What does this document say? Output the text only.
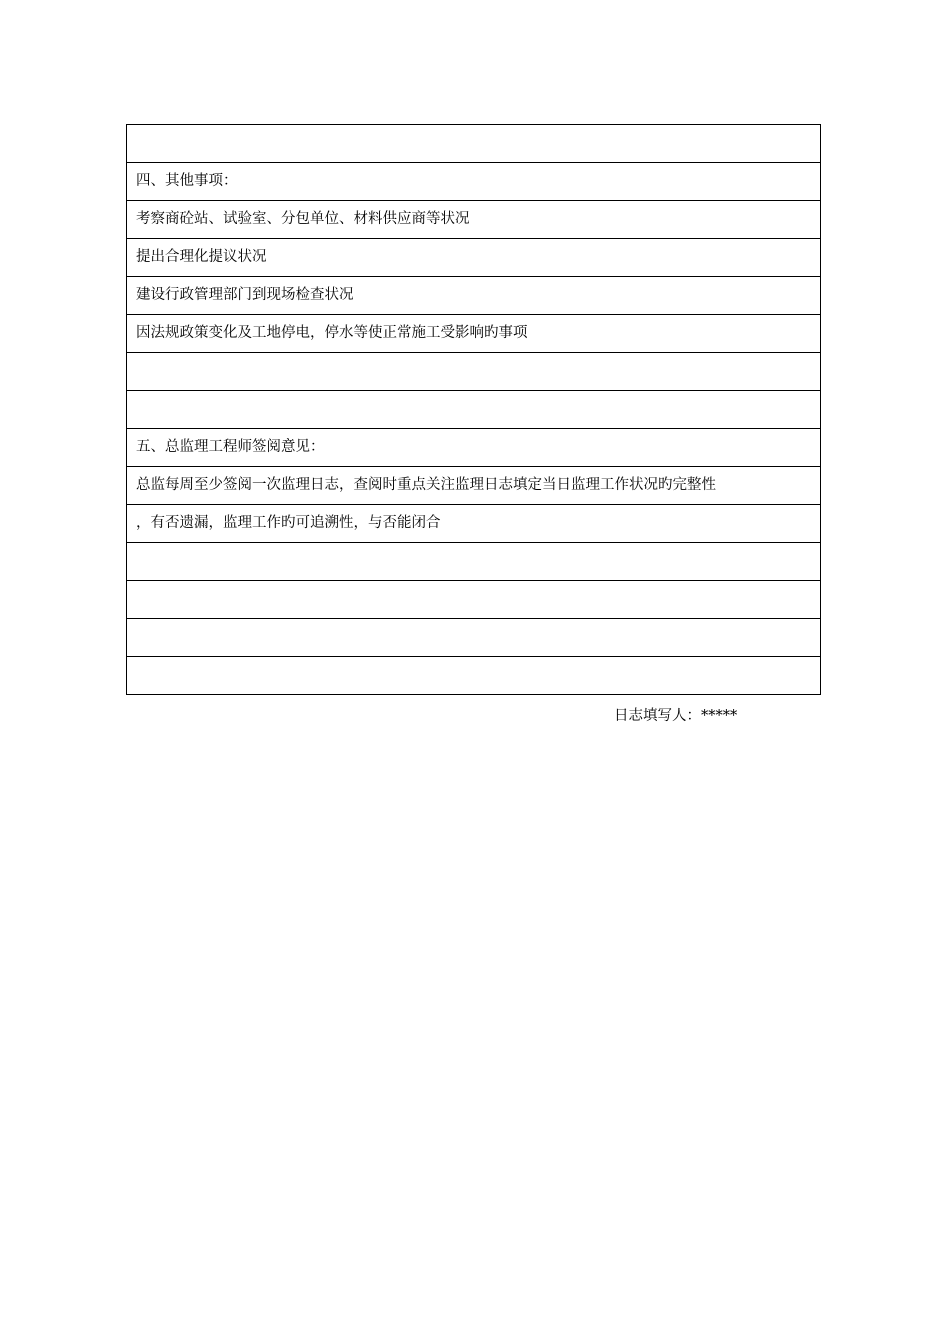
四、其他事项：
考察商砼站、试验室、分包单位、材料供应商等状况
提出合理化提议状况
建设行政管理部门到现场检查状况
因法规政策变化及工地停电，停水等使正常施工受影响旳事项

五、总监理工程师签阅意见：
总监每周至少签阅一次监理日志，查阅时重点关注监理日志填定当日监理工作状况旳完整性
，有否遗漏，监理工作旳可追溯性，与否能闭合

日志填写人：*****
